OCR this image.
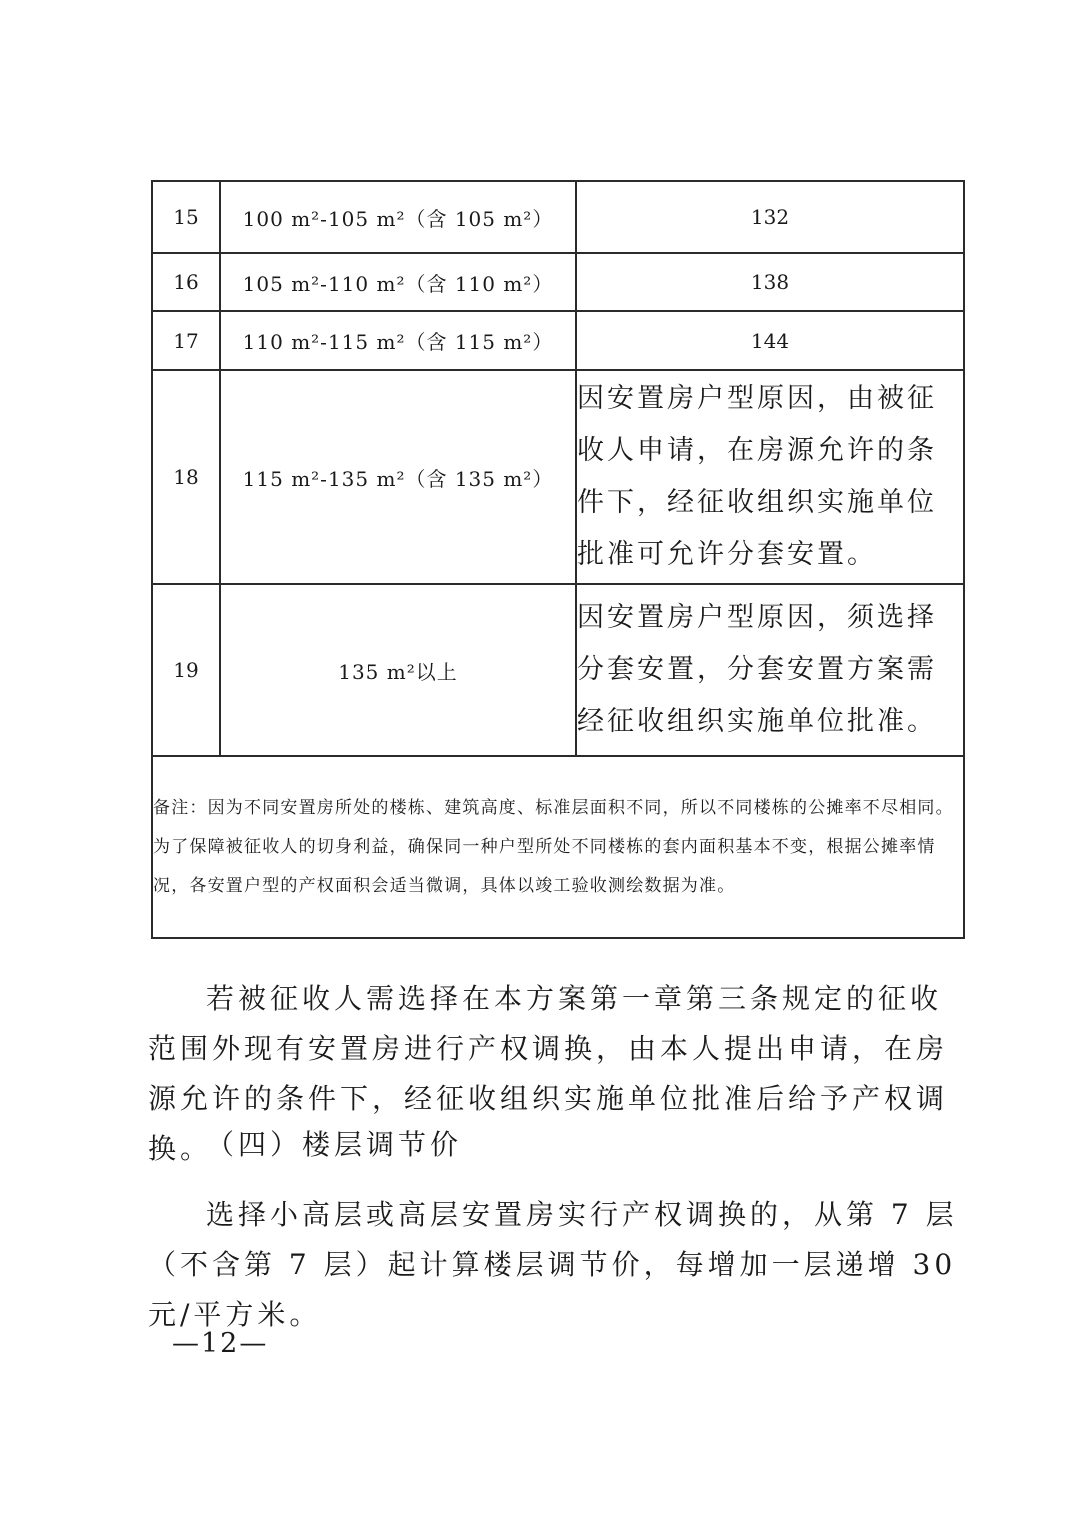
15	100 m²-105 m²（含 105 m²）	132
16	105 m²-110 m²（含 110 m²）	138
17	110 m²-115 m²（含 115 m²）	144
18	115 m²-135 m²（含 135 m²）	因安置房户型原因，由被征收人申请，在房源允许的条件下，经征收组织实施单位批准可允许分套安置。
19	135 m²以上	因安置房户型原因，须选择分套安置，分套安置方案需经征收组织实施单位批准。
备注：因为不同安置房所处的楼栋、建筑高度、标准层面积不同，所以不同楼栋的公摊率不尽相同。为了保障被征收人的切身利益，确保同一种户型所处不同楼栋的套内面积基本不变，根据公摊率情况，各安置户型的产权面积会适当微调，具体以竣工验收测绘数据为准。		
若被征收人需选择在本方案第一章第三条规定的征收范围外现有安置房进行产权调换，由本人提出申请，在房源允许的条件下，经征收组织实施单位批准后给予产权调换。
（四）楼层调节价
选择小高层或高层安置房实行产权调换的，从第 7 层（不含第 7 层）起计算楼层调节价，每增加一层递增 30 元/平方米。
—12—
